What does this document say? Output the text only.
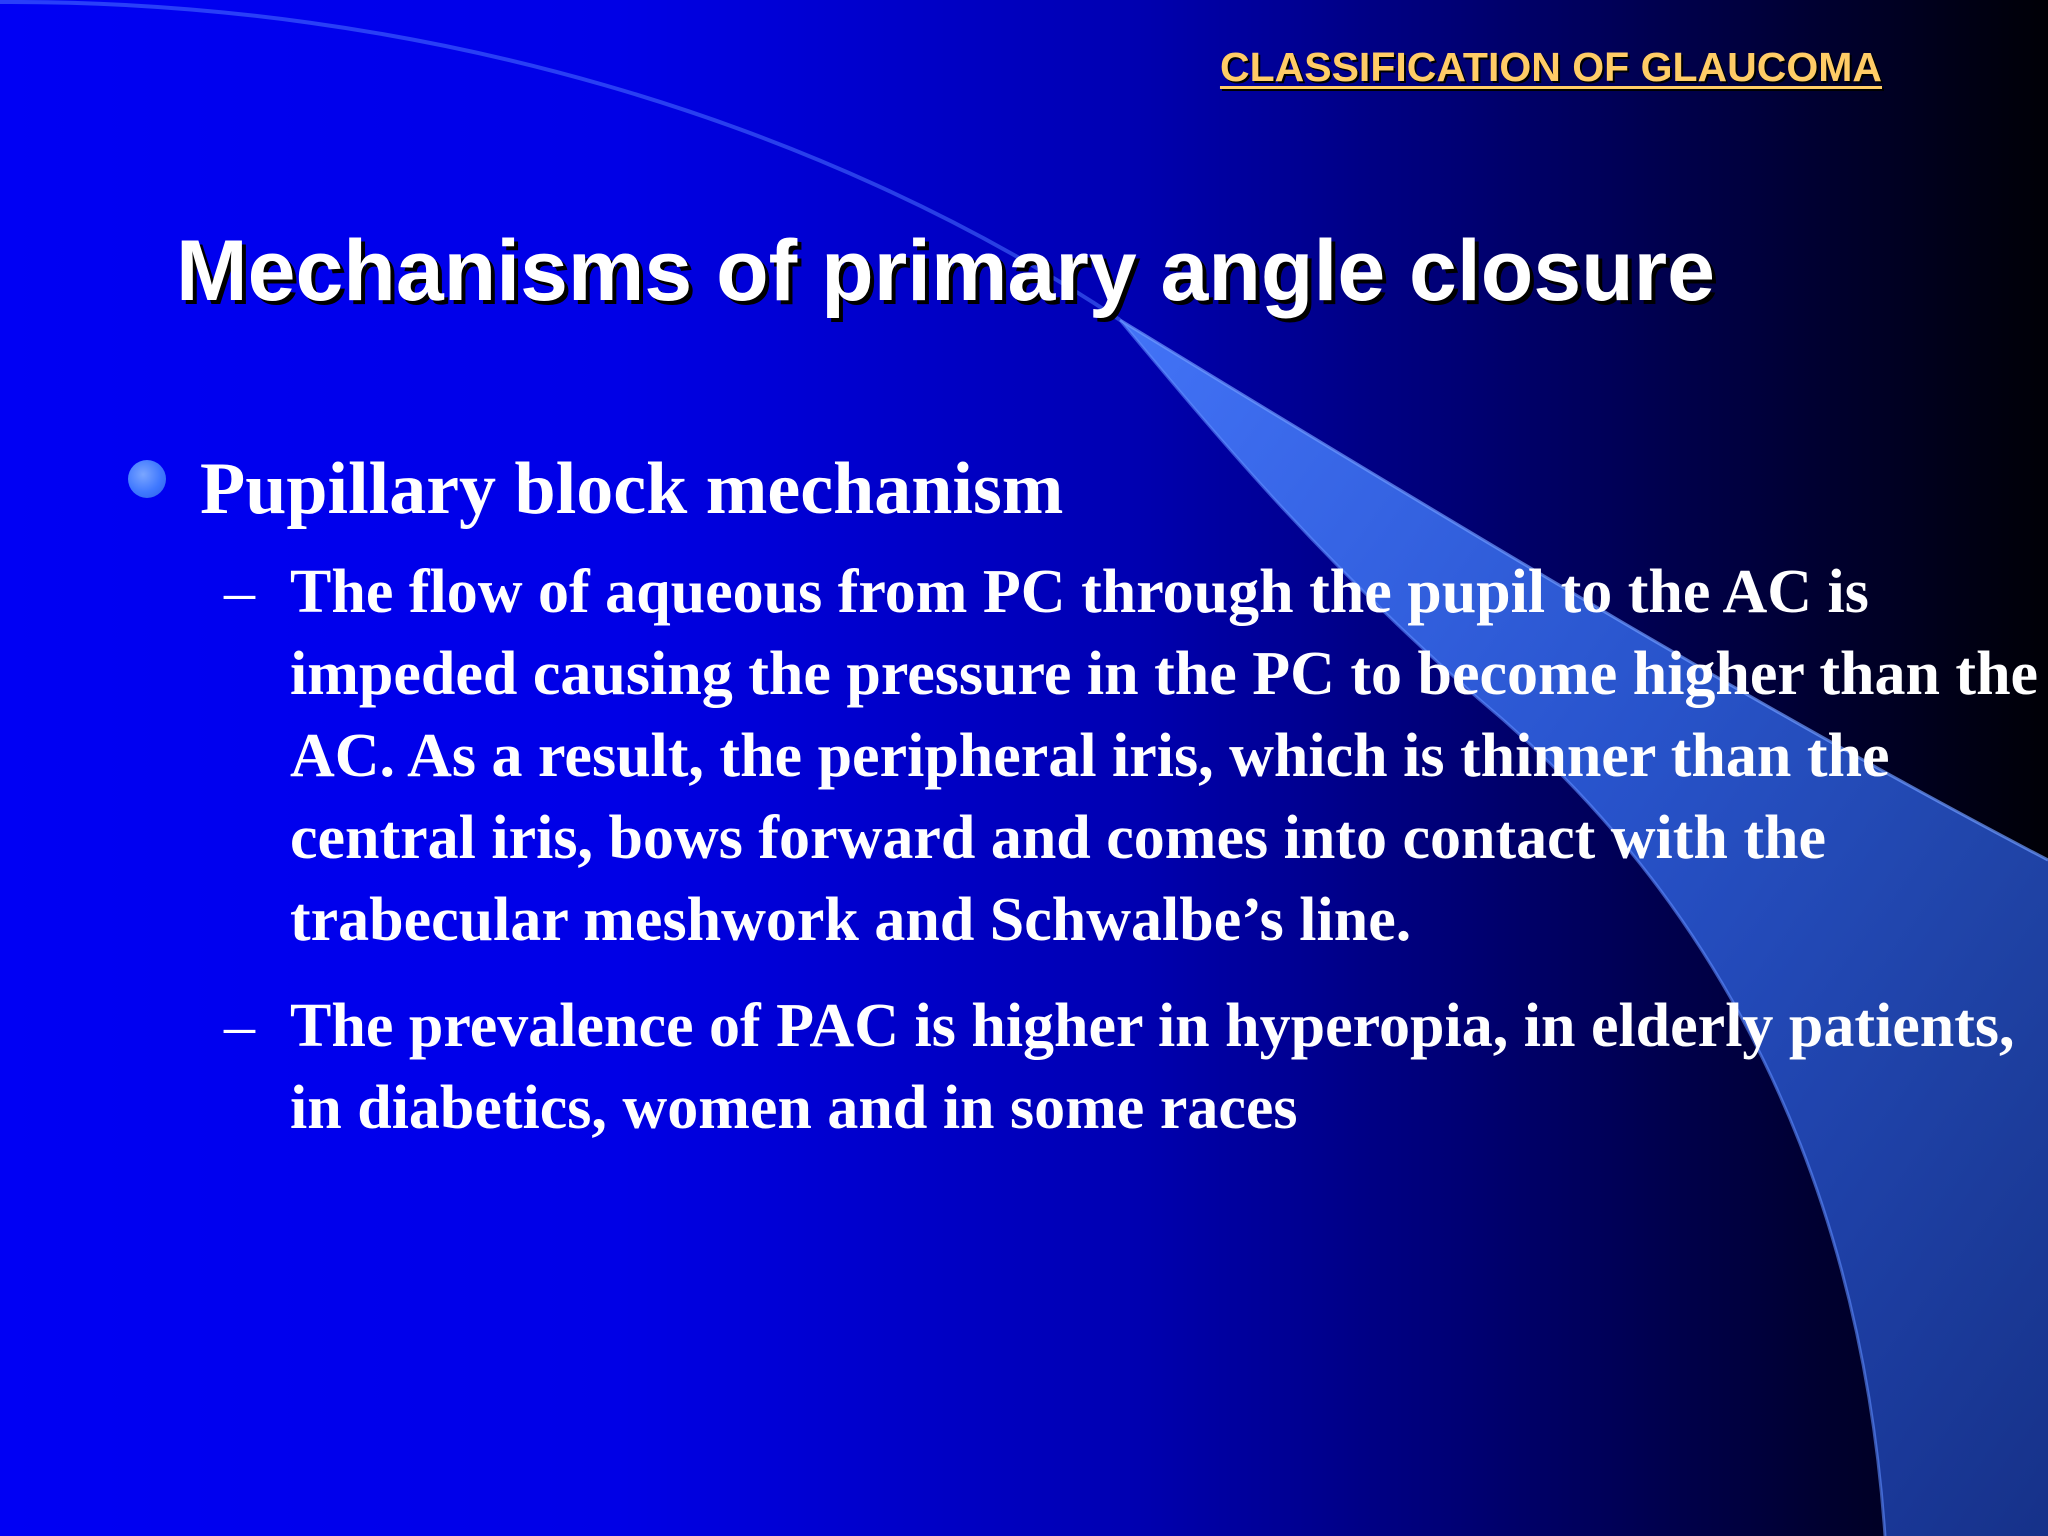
CLASSIFICATION OF GLAUCOMA
Mechanisms of primary angle closure
Pupillary block mechanism
– The flow of aqueous from PC through the pupil to the AC is impeded causing the pressure in the PC to become higher than the AC. As a result, the peripheral iris, which is thinner than the central iris, bows forward and comes into contact with the trabecular meshwork and Schwalbe’s line.
– The prevalence of PAC is higher in hyperopia, in elderly patients, in diabetics, women and in some races
